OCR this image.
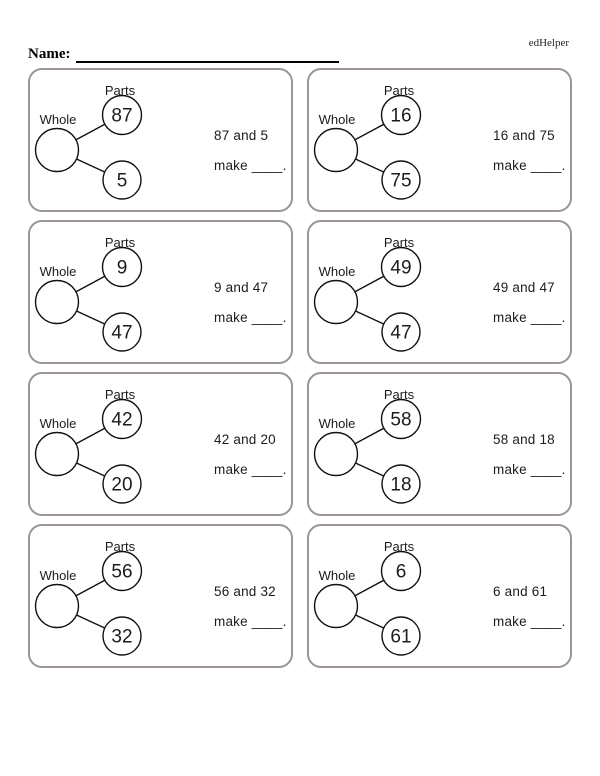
edHelper
Name:
Parts
Whole 87
5
87 and 5
make ____.
Parts
Whole 16
75
16 and 75
make ____.
Parts
Whole 9
47
9 and 47
make ____.
Parts
Whole 49
47
49 and 47
make ____.
Parts
Whole 42
20
42 and 20
make ____.
Parts
Whole 58
18
58 and 18
make ____.
Parts
Whole 56
32
56 and 32
make ____.
Parts
Whole 6
61
6 and 61
make ____.
